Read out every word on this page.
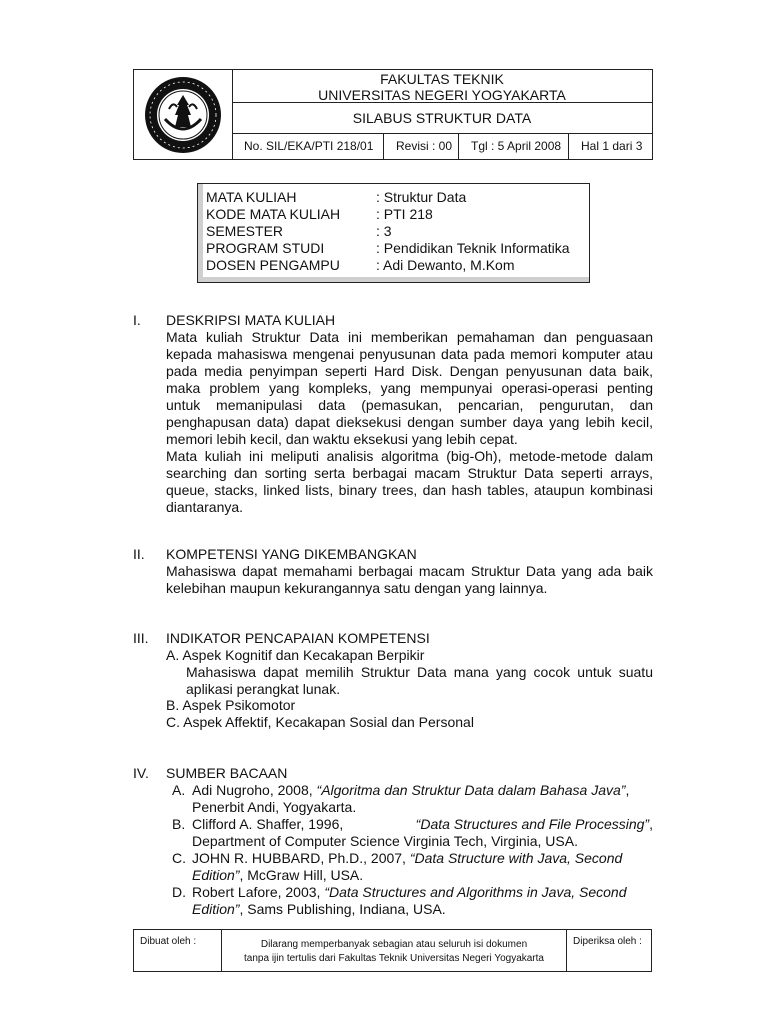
FAKULTAS TEKNIK
UNIVERSITAS NEGERI YOGYAKARTA
SILABUS STRUKTUR DATA
No. SIL/EKA/PTI 218/01	Revisi : 00	Tgl : 5 April 2008	Hal 1 dari 3
MATA KULIAH	: Struktur Data
KODE MATA KULIAH	: PTI 218
SEMESTER	: 3
PROGRAM STUDI	: Pendidikan Teknik Informatika
DOSEN PENGAMPU	: Adi Dewanto, M.Kom
I. DESKRIPSI MATA KULIAH
Mata kuliah Struktur Data ini memberikan pemahaman dan penguasaan
kepada mahasiswa mengenai penyusunan data pada memori komputer atau
pada media penyimpan seperti Hard Disk. Dengan penyusunan data baik,
maka problem yang kompleks, yang mempunyai operasi-operasi penting
untuk memanipulasi data (pemasukan, pencarian, pengurutan, dan
penghapusan data) dapat dieksekusi dengan sumber daya yang lebih kecil,
memori lebih kecil, dan waktu eksekusi yang lebih cepat.
Mata kuliah ini meliputi analisis algoritma (big-Oh), metode-metode dalam
searching dan sorting serta berbagai macam Struktur Data seperti arrays,
queue, stacks, linked lists, binary trees, dan hash tables, ataupun kombinasi
diantaranya.
II. KOMPETENSI YANG DIKEMBANGKAN
Mahasiswa dapat memahami berbagai macam Struktur Data yang ada baik
kelebihan maupun kekurangannya satu dengan yang lainnya.
III. INDIKATOR PENCAPAIAN KOMPETENSI
A. Aspek Kognitif dan Kecakapan Berpikir
Mahasiswa dapat memilih Struktur Data mana yang cocok untuk suatu
aplikasi perangkat lunak.
B. Aspek Psikomotor
C. Aspek Affektif, Kecakapan Sosial dan Personal
IV. SUMBER BACAAN
A. Adi Nugroho, 2008, “Algoritma dan Struktur Data dalam Bahasa Java”,
Penerbit Andi, Yogyakarta.
B. Clifford A. Shaffer, 1996,	“Data Structures and File Processing”,
Department of Computer Science Virginia Tech, Virginia, USA.
C. JOHN R. HUBBARD, Ph.D., 2007, “Data Structure with Java, Second
Edition”, McGraw Hill, USA.
D. Robert Lafore, 2003, “Data Structures and Algorithms in Java, Second
Edition”, Sams Publishing, Indiana, USA.
Dibuat oleh :	Dilarang memperbanyak sebagian atau seluruh isi dokumen
tanpa ijin tertulis dari Fakultas Teknik Universitas Negeri Yogyakarta
Diperiksa oleh :
